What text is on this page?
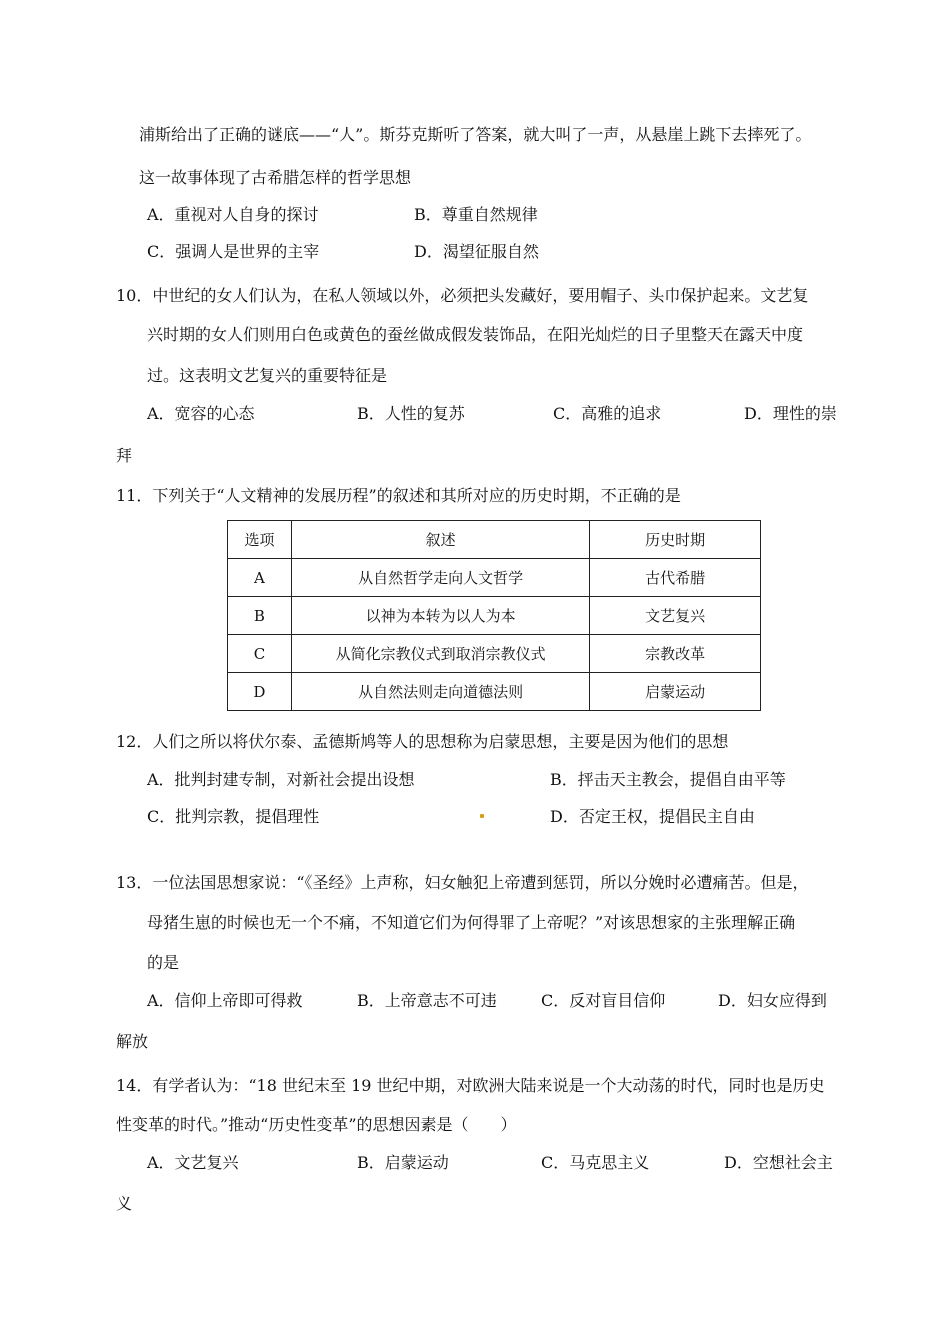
浦斯给出了正确的谜底——“人”。斯芬克斯听了答案，就大叫了一声，从悬崖上跳下去摔死了。
这一故事体现了古希腊怎样的哲学思想
A．重视对人自身的探讨	B．尊重自然规律
C．强调人是世界的主宰	D．渴望征服自然
10．中世纪的女人们认为，在私人领域以外，必须把头发藏好，要用帽子、头巾保护起来。文艺复
兴时期的女人们则用白色或黄色的蚕丝做成假发装饰品，在阳光灿烂的日子里整天在露天中度
过。这表明文艺复兴的重要特征是
A．宽容的心态	B．人性的复苏	C．高雅的追求	D．理性的崇
拜
11．下列关于“人文精神的发展历程”的叙述和其所对应的历史时期，不正确的是
选项	叙述	历史时期
A	从自然哲学走向人文哲学	古代希腊
B	以神为本转为以人为本	文艺复兴
C	从简化宗教仪式到取消宗教仪式	宗教改革
D	从自然法则走向道德法则	启蒙运动
12．人们之所以将伏尔泰、孟德斯鸠等人的思想称为启蒙思想，主要是因为他们的思想
A．批判封建专制，对新社会提出设想	B．抨击天主教会，提倡自由平等
C．批判宗教，提倡理性	D．否定王权，提倡民主自由
13．一位法国思想家说：“《圣经》上声称，妇女触犯上帝遭到惩罚，所以分娩时必遭痛苦。但是，
母猪生崽的时候也无一个不痛，不知道它们为何得罪了上帝呢？”对该思想家的主张理解正确
的是
A．信仰上帝即可得救	B．上帝意志不可违	C．反对盲目信仰	D．妇女应得到
解放
14．有学者认为：“18 世纪末至 19 世纪中期，对欧洲大陆来说是一个大动荡的时代，同时也是历史
性变革的时代。”推动“历史性变革”的思想因素是（　　）
A．文艺复兴	B．启蒙运动	C．马克思主义	D．空想社会主
义
